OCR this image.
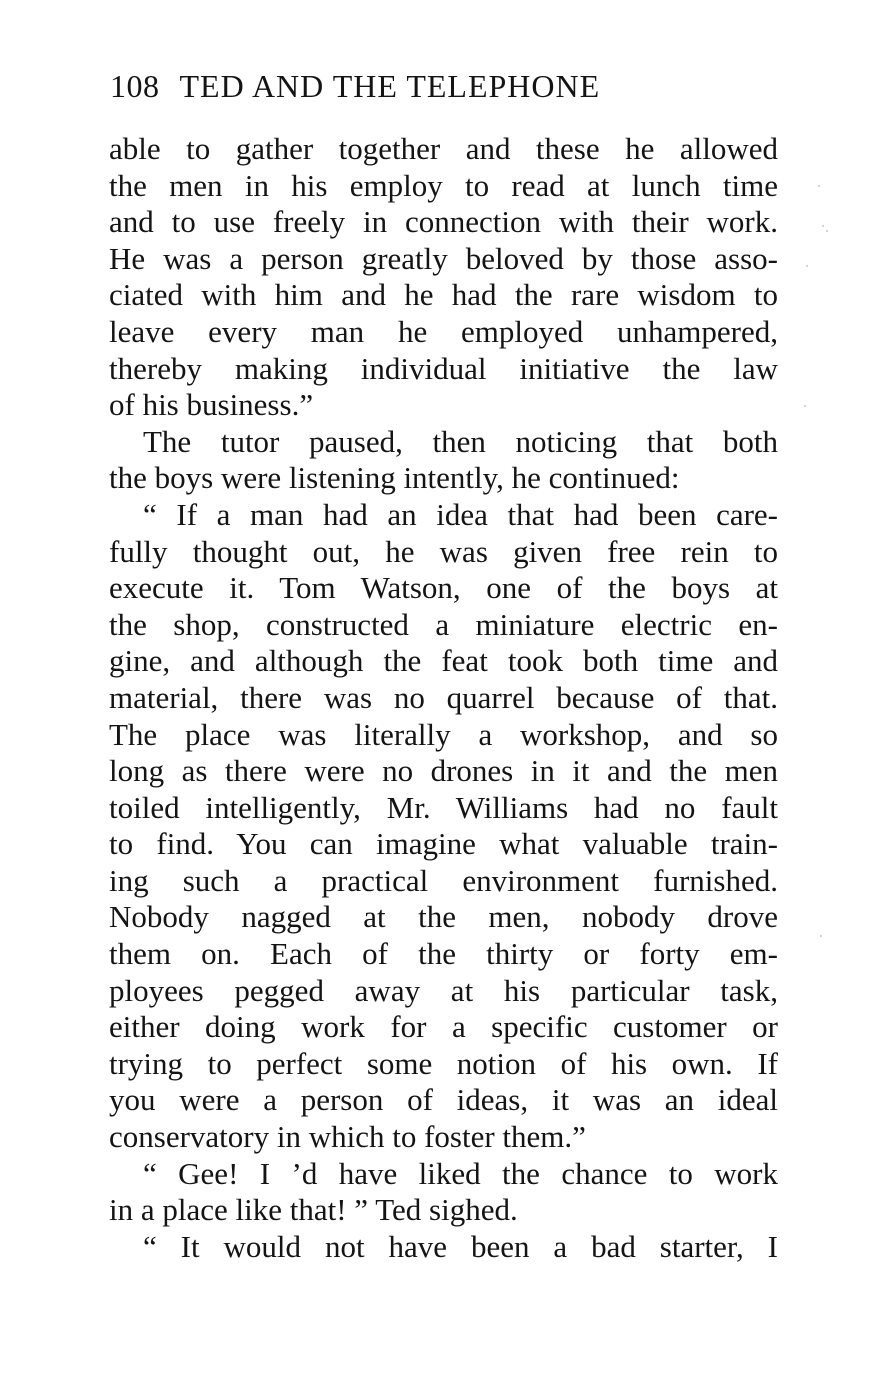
108 TED AND THE TELEPHONE
able to gather together and these he allowed
the men in his employ to read at lunch time
and to use freely in connection with their work.
He was a person greatly beloved by those asso-
ciated with him and he had the rare wisdom to
leave every man he employed unhampered,
thereby making individual initiative the law
of his business.”
The tutor paused, then noticing that both
the boys were listening intently, he continued:
“ If a man had an idea that had been care-
fully thought out, he was given free rein to
execute it. Tom Watson, one of the boys at
the shop, constructed a miniature electric en-
gine, and although the feat took both time and
material, there was no quarrel because of that.
The place was literally a workshop, and so
long as there were no drones in it and the men
toiled intelligently, Mr. Williams had no fault
to find. You can imagine what valuable train-
ing such a practical environment furnished.
Nobody nagged at the men, nobody drove
them on. Each of the thirty or forty em-
ployees pegged away at his particular task,
either doing work for a specific customer or
trying to perfect some notion of his own. If
you were a person of ideas, it was an ideal
conservatory in which to foster them.”
“ Gee! I ’d have liked the chance to work
in a place like that! ” Ted sighed.
“ It would not have been a bad starter, I
